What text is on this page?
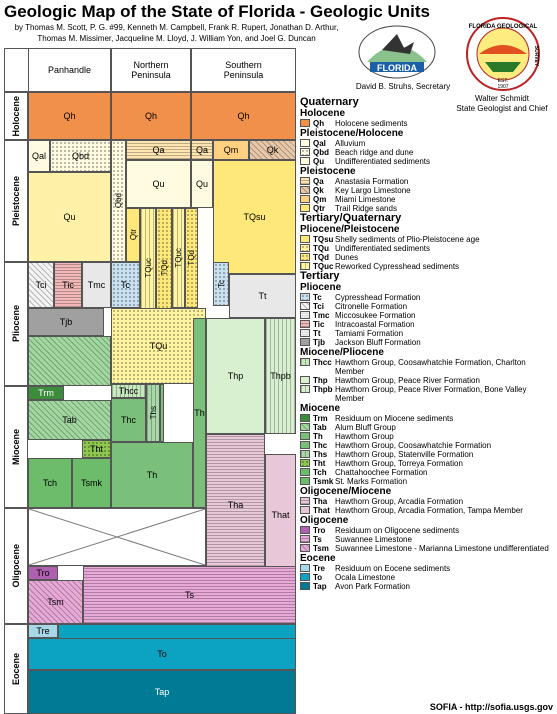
Geologic Map of the State of Florida - Geologic Units
by Thomas M. Scott, P. G. #99, Kenneth M. Campbell, Frank R. Rupert, Jonathan D. Arthur, Thomas M. Missimer, Jacqueline M. Lloyd, J. William Yon, and Joel G. Duncan
FLORIDA
David B. Struhs, Secretary
FLORIDA GEOLOGICAL
SURVEY
EST.
1907
Walter Schmidt
State Geologist and Chief
Holocene
Pleistocene
Pliocene
Miocene
Oligocene
Eocene
Panhandle	Northern
Peninsula
Southern
Peninsula
Qh	Qh	Qh
Qal	Qbd
Qu
Qbd
Qa
Qu
Qtr
Qa	Qm	Qk
Qu
TQsu
TQuc TQd
TQuc TQd
Tci	Tic	Tmc	Tc	Tc
Tt
Tjb
TQu
Thp	Thpb
Trm
Tab
Tht
Tch	Tsmk
Thcc
Thc
Ths
Th
Th
Tha
That
Tro
Tsm
Ts
Tre
To
Tap
Quaternary
Holocene
Qh	Holocene sediments
Pleistocene/Holocene
Qal	Alluvium
Qbd Beach ridge and dune
Qu	Undifferentiated sediments
Pleistocene
Qa	Anastasia Formation
Qk	Key Largo Limestone
Qm	Miami Limestone
Qtr	Trail Ridge sands
Tertiary/Quaternary
Pliocene/Pleistocene
TQsu Shelly sediments of Plio-Pleistocene age
TQu Undifferentiated sediments
TQd Dunes
TQuc Reworked Cypresshead sediments
Tertiary
Pliocene
Tc	Cypresshead Formation
Tci	Citronelle Formation
Tmc Miccosukee Formation
Tic	Intracoastal Formation
Tt	Tamiami Formation
Tjb	Jackson Bluff Formation
Miocene/Pliocene
Thcc Hawthorn Group, Coosawhatchie Formation, Charlton Member
Thp Hawthorn Group, Peace River Formation
Thpb Hawthorn Group, Peace River Formation, Bone Valley Member
Miocene
Trm Residuum on Miocene sediments
Tab	Alum Bluff Group
Th	Hawthorn Group
Thc Hawthorn Group, Coosawhatchie Formation
Ths Hawthorn Group, Statenville Formation
Tht	Hawthorn Group, Torreya Formation
Tch	Chattahoochee Formation
Tsmk St. Marks Formation
Oligocene/Miocene
Tha Hawthorn Group, Arcadia Formation
That Hawthorn Group, Arcadia Formation, Tampa Member
Oligocene
Tro	Residuum on Oligocene sediments
Ts	Suwannee Limestone
Tsm Suwannee Limestone - Marianna Limestone undifferentiated
Eocene
Tre	Residuum on Eocene sediments
To	Ocala Limestone
Tap	Avon Park Formation
SOFIA - http://sofia.usgs.gov
